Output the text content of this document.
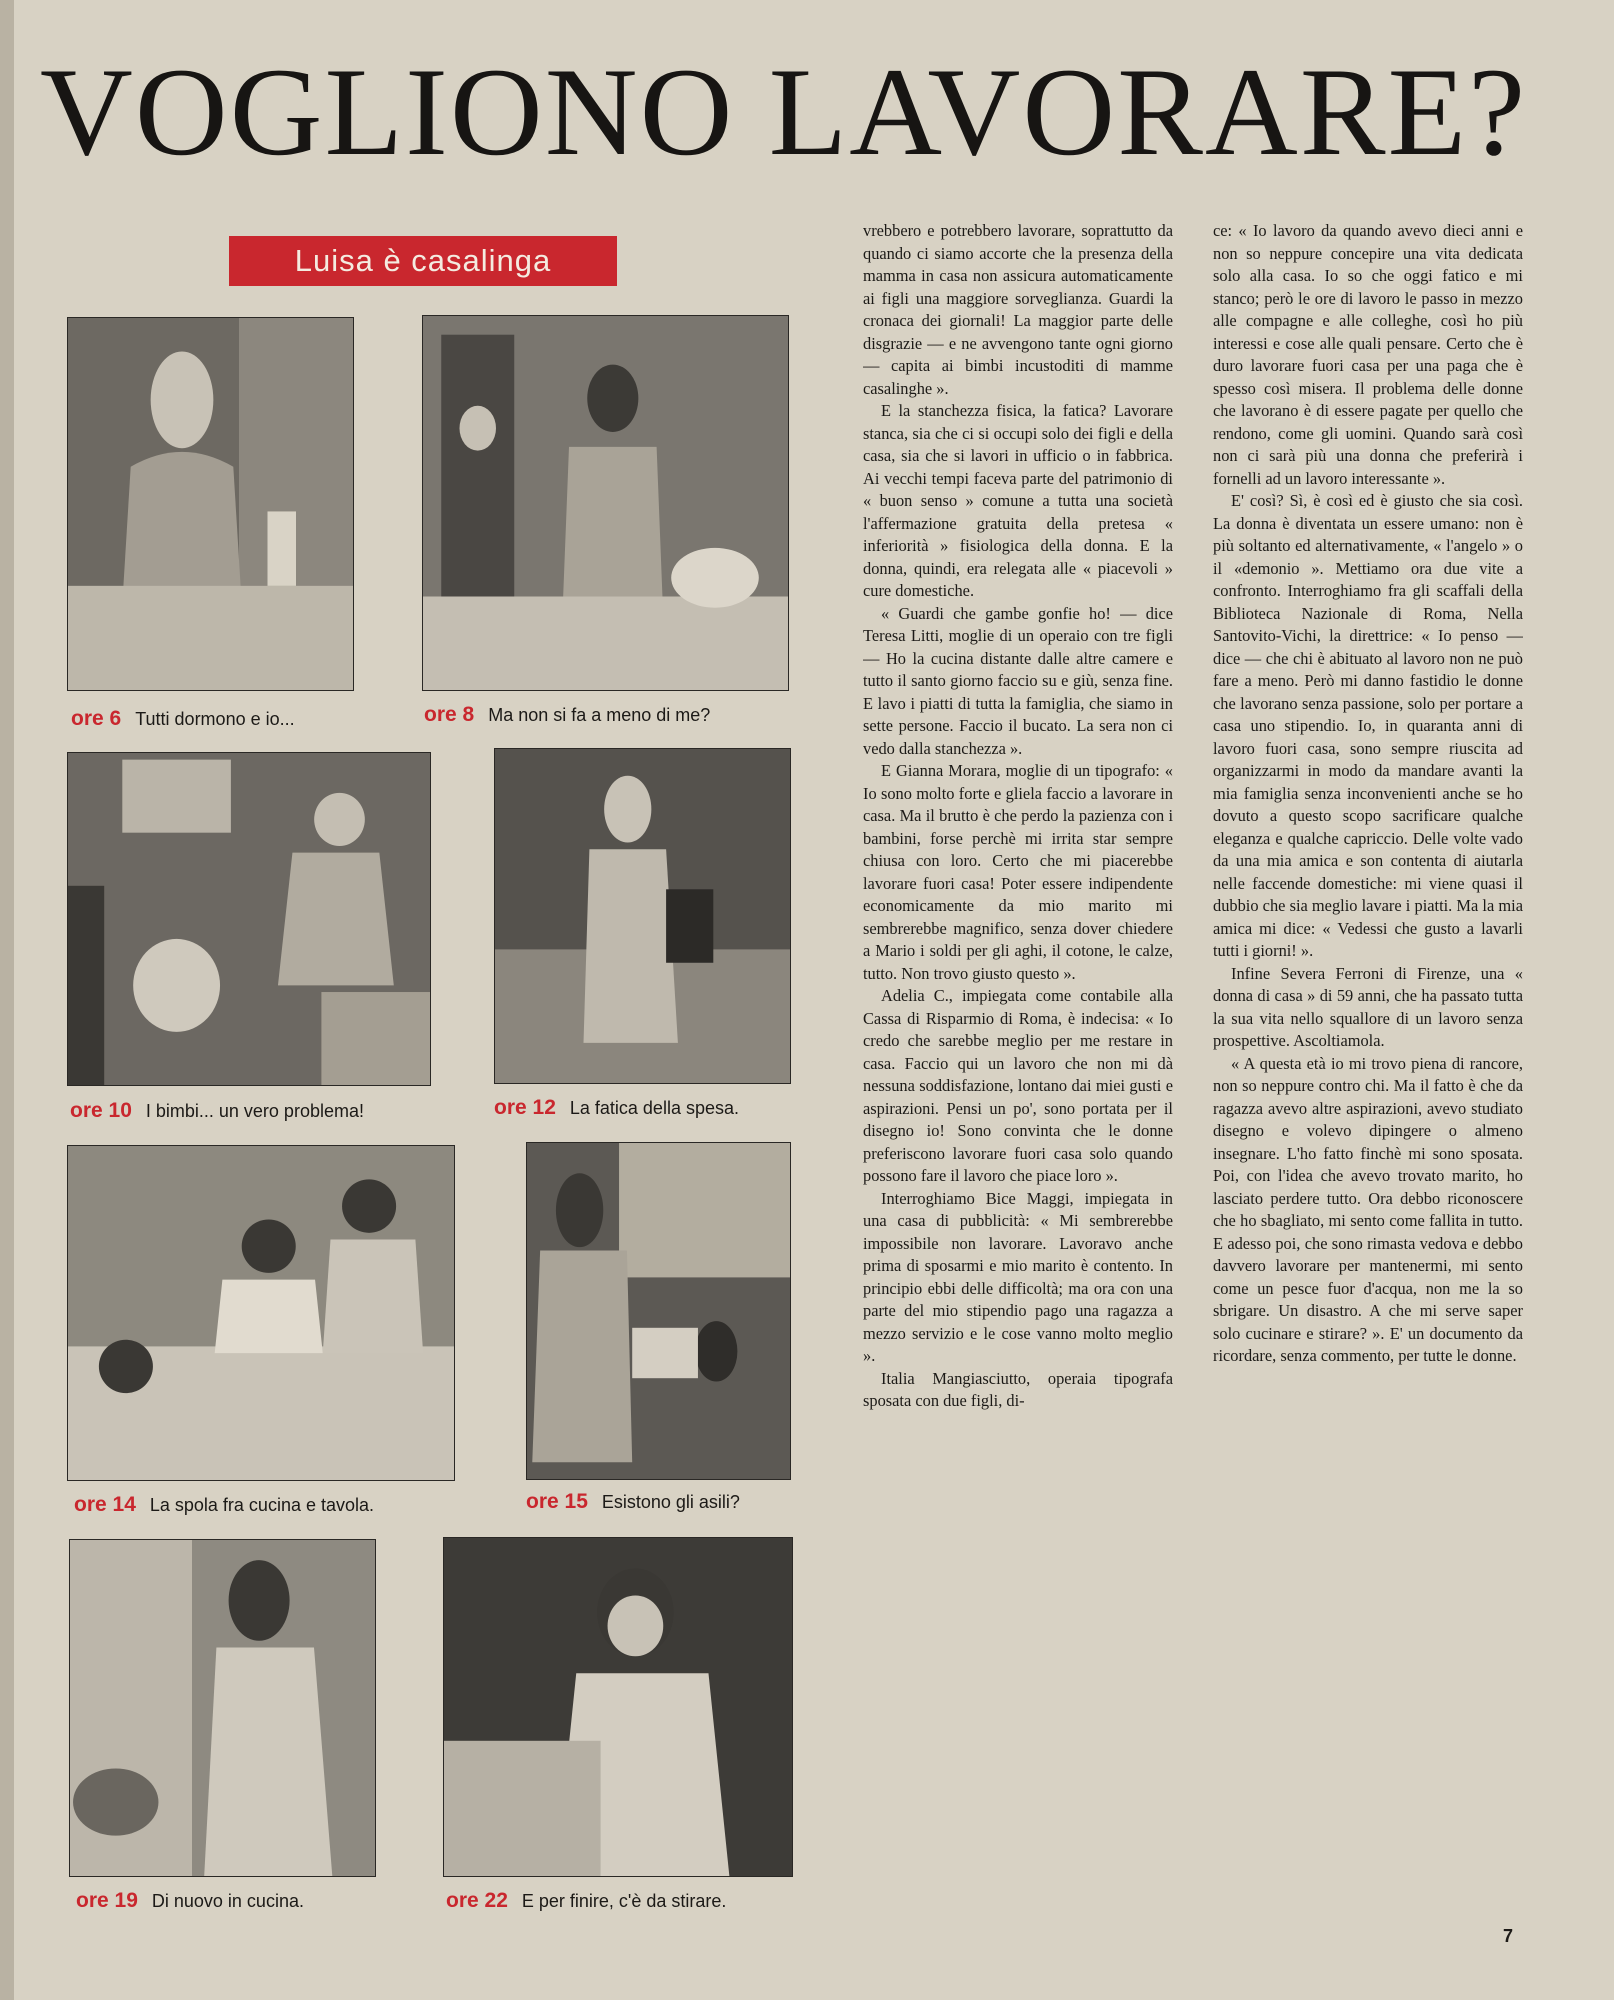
VOGLIONO LAVORARE?
Luisa è casalinga
ore 6 Tutti dormono e io...	ore 8 Ma non si fa a meno di me?
ore 10 I bimbi... un vero problema!	ore 12 La fatica della spesa.
ore 14 La spola fra cucina e tavola.	ore 15 Esistono gli asili?
ore 19 Di nuovo in cucina.	ore 22 E per finire, c'è da stirare.

vrebbero e potrebbero lavorare, soprattutto da quando ci siamo accorte che la presenza della mamma in casa non assicura automaticamente ai figli una maggiore sorveglianza. Guardi la cronaca dei giornali! La maggior parte delle disgrazie — e ne avvengono tante ogni giorno — capita ai bimbi incustoditi di mamme casalinghe ».

E la stanchezza fisica, la fatica? Lavorare stanca, sia che ci si occupi solo dei figli e della casa, sia che si lavori in ufficio o in fabbrica. Ai vecchi tempi faceva parte del patrimonio di « buon senso » comune a tutta una società l'affermazione gratuita della pretesa « inferiorità » fisiologica della donna. E la donna, quindi, era relegata alle « piacevoli » cure domestiche.

« Guardi che gambe gonfie ho! — dice Teresa Litti, moglie di un operaio con tre figli — Ho la cucina distante dalle altre camere e tutto il santo giorno faccio su e giù, senza fine. E lavo i piatti di tutta la famiglia, che siamo in sette persone. Faccio il bucato. La sera non ci vedo dalla stanchezza ».

E Gianna Morara, moglie di un tipografo: « Io sono molto forte e gliela faccio a lavorare in casa. Ma il brutto è che perdo la pazienza con i bambini, forse perchè mi irrita star sempre chiusa con loro. Certo che mi piacerebbe lavorare fuori casa! Poter essere indipendente economicamente da mio marito mi sembrerebbe magnifico, senza dover chiedere a Mario i soldi per gli aghi, il cotone, le calze, tutto. Non trovo giusto questo ».

Adelia C., impiegata come contabile alla Cassa di Risparmio di Roma, è indecisa: « Io credo che sarebbe meglio per me restare in casa. Faccio qui un lavoro che non mi dà nessuna soddisfazione, lontano dai miei gusti e aspirazioni. Pensi un po', sono portata per il disegno io! Sono convinta che le donne preferiscono lavorare fuori casa solo quando possono fare il lavoro che piace loro ».

Interroghiamo Bice Maggi, impiegata in una casa di pubblicità: « Mi sembrerebbe impossibile non lavorare. Lavoravo anche prima di sposarmi e mio marito è contento. In principio ebbi delle difficoltà; ma ora con una parte del mio stipendio pago una ragazza a mezzo servizio e le cose vanno molto meglio ».

Italia Mangiasciutto, operaia tipografa sposata con due figli, di-

ce: « Io lavoro da quando avevo dieci anni e non so neppure concepire una vita dedicata solo alla casa. Io so che oggi fatico e mi stanco; però le ore di lavoro le passo in mezzo alle compagne e alle colleghe, così ho più interessi e cose alle quali pensare. Certo che è duro lavorare fuori casa per una paga che è spesso così misera. Il problema delle donne che lavorano è di essere pagate per quello che rendono, come gli uomini. Quando sarà così non ci sarà più una donna che preferirà i fornelli ad un lavoro interessante ».

E' così? Sì, è così ed è giusto che sia così. La donna è diventata un essere umano: non è più soltanto ed alternativamente, « l'angelo » o il «demonio ». Mettiamo ora due vite a confronto. Interroghiamo fra gli scaffali della Biblioteca Nazionale di Roma, Nella Santovito-Vichi, la direttrice: « Io penso — dice — che chi è abituato al lavoro non ne può fare a meno. Però mi danno fastidio le donne che lavorano senza passione, solo per portare a casa uno stipendio. Io, in quaranta anni di lavoro fuori casa, sono sempre riuscita ad organizzarmi in modo da mandare avanti la mia famiglia senza inconvenienti anche se ho dovuto a questo scopo sacrificare qualche eleganza e qualche capriccio. Delle volte vado da una mia amica e son contenta di aiutarla nelle faccende domestiche: mi viene quasi il dubbio che sia meglio lavare i piatti. Ma la mia amica mi dice: « Vedessi che gusto a lavarli tutti i giorni! ».

Infine Severa Ferroni di Firenze, una « donna di casa » di 59 anni, che ha passato tutta la sua vita nello squallore di un lavoro senza prospettive. Ascoltiamola.

« A questa età io mi trovo piena di rancore, non so neppure contro chi. Ma il fatto è che da ragazza avevo altre aspirazioni, avevo studiato disegno e volevo dipingere o almeno insegnare. L'ho fatto finchè mi sono sposata. Poi, con l'idea che avevo trovato marito, ho lasciato perdere tutto. Ora debbo riconoscere che ho sbagliato, mi sento come fallita in tutto. E adesso poi, che sono rimasta vedova e debbo davvero lavorare per mantenermi, mi sento come un pesce fuor d'acqua, non me la so sbrigare. Un disastro. A che mi serve saper solo cucinare e stirare? ». E' un documento da ricordare, senza commento, per tutte le donne.

7
